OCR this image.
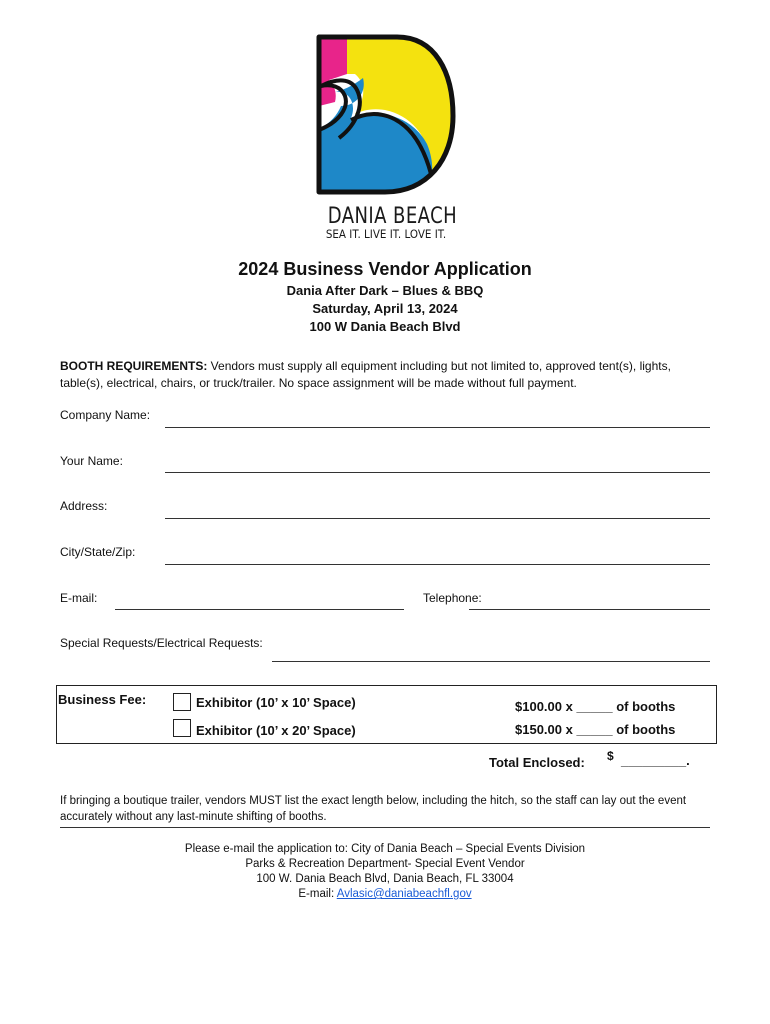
DANIA BEACH
SEA IT. LIVE IT. LOVE IT.
2024 Business Vendor Application
Dania After Dark – Blues & BBQ
Saturday, April 13, 2024
100 W Dania Beach Blvd
BOOTH REQUIREMENTS: Vendors must supply all equipment including but not limited to, approved tent(s), lights, table(s), electrical, chairs, or truck/trailer. No space assignment will be made without full payment.
Company Name:
Your Name:
Address:
City/State/Zip:
E-mail:	Telephone:
Special Requests/Electrical Requests:
Business Fee:	Exhibitor (10’ x 10’ Space)	$100.00 x _____ of booths
Exhibitor (10’ x 20’ Space)	$150.00 x _____ of booths
Total Enclosed: $ _________.
If bringing a boutique trailer, vendors MUST list the exact length below, including the hitch, so the staff can lay out the event accurately without any last-minute shifting of booths.
Please e-mail the application to: City of Dania Beach – Special Events Division
Parks & Recreation Department- Special Event Vendor
100 W. Dania Beach Blvd, Dania Beach, FL 33004
E-mail: Avlasic@daniabeachfl.gov
